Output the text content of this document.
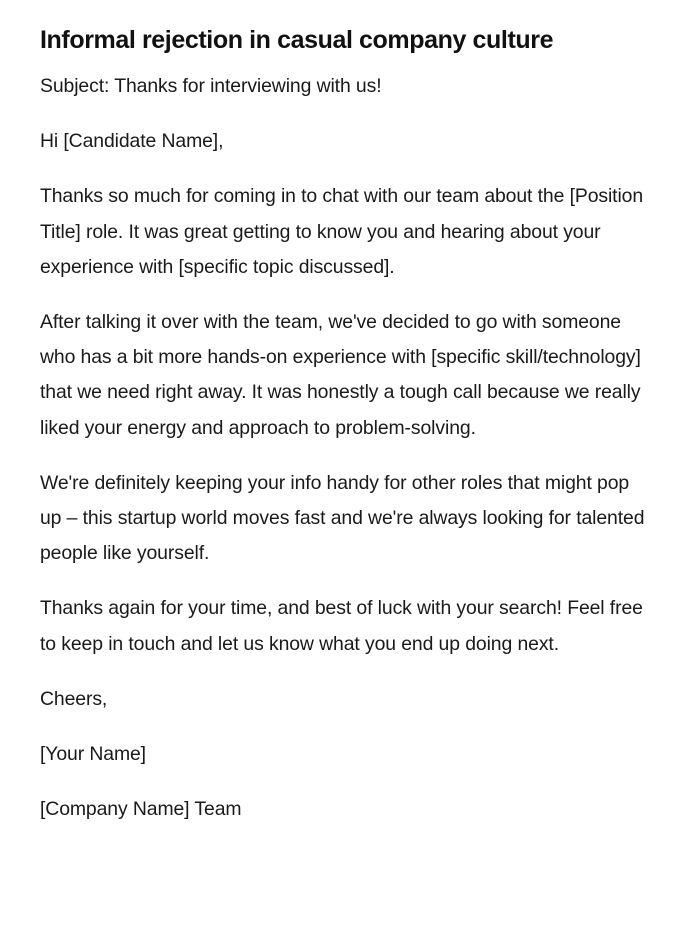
Informal rejection in casual company culture

Subject: Thanks for interviewing with us!

Hi [Candidate Name],

Thanks so much for coming in to chat with our team about the [Position Title] role. It was great getting to know you and hearing about your experience with [specific topic discussed].

After talking it over with the team, we've decided to go with someone who has a bit more hands-on experience with [specific skill/technology] that we need right away. It was honestly a tough call because we really liked your energy and approach to problem-solving.

We're definitely keeping your info handy for other roles that might pop up – this startup world moves fast and we're always looking for talented people like yourself.

Thanks again for your time, and best of luck with your search! Feel free to keep in touch and let us know what you end up doing next.

Cheers,

[Your Name]

[Company Name] Team
